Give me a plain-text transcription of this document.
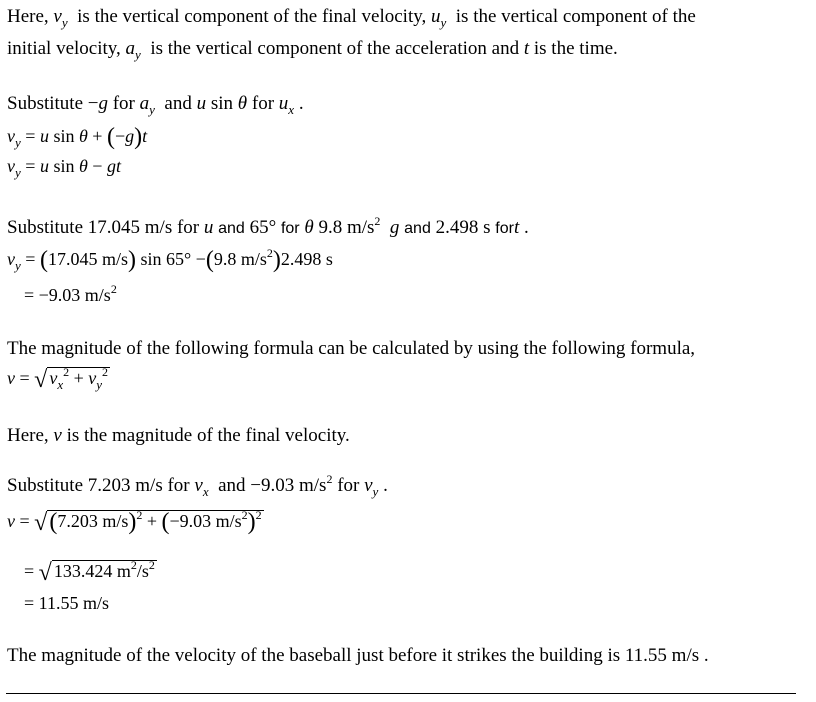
Here, $v_y$  is the vertical component of the final velocity, $u_y$  is the vertical component of the
initial velocity, $a_y$  is the vertical component of the acceleration and t is the time.
Substitute −g for $a_y$  and u sin θ for $u_x$ .
$v_y = u$ sin θ + (−g)t
$v_y = u$ sin θ − gt
Substitute 17.045 m/s for u and 65° for θ 9.8 $m/s^2$ g and 2.498 s fort .
$v_y = (17.045$ m/s) sin 65° −(9.8 $m/s^2)2.498$ s
= −9.03 $m/s^2$
The magnitude of the following formula can be calculated by using the following formula,
v = √ $v_x^2 + v_y^2$
Here, v is the magnitude of the final velocity.
Substitute 7.203 m/s for $v_x$  and −9.03 $m/s^2$ for $v_y$ .
v = √(7.203 m/s)$^2$ + (−9.03 $m/s^2)^2$
= √ 133.424 $m^2/s^2$
= 11.55 m/s
The magnitude of the velocity of the baseball just before it strikes the building is 11.55 m/s .
